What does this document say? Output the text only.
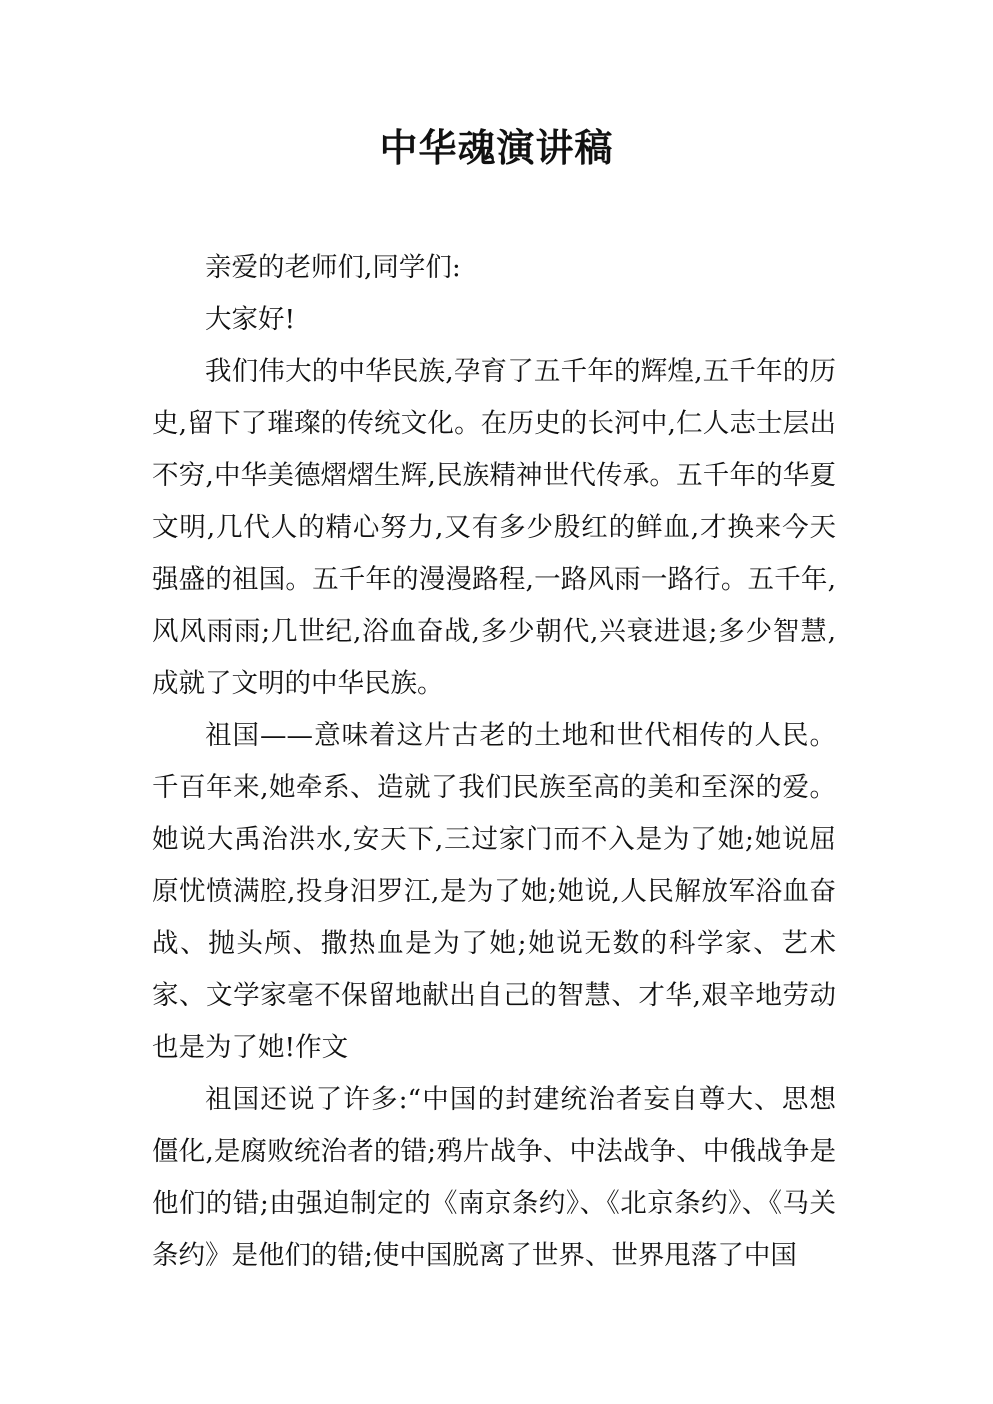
中华魂演讲稿

亲爱的老师们,同学们:

大家好!

我们伟大的中华民族,孕育了五千年的辉煌,五千年的历史,留下了璀璨的传统文化。在历史的长河中,仁人志士层出不穷,中华美德熠熠生辉,民族精神世代传承。五千年的华夏文明,几代人的精心努力,又有多少殷红的鲜血,才换来今天强盛的祖国。五千年的漫漫路程,一路风雨一路行。五千年,风风雨雨;几世纪,浴血奋战,多少朝代,兴衰进退;多少智慧,成就了文明的中华民族。

祖国——意味着这片古老的土地和世代相传的人民。千百年来,她牵系、造就了我们民族至高的美和至深的爱。她说大禹治洪水,安天下,三过家门而不入是为了她;她说屈原忧愤满腔,投身汨罗江,是为了她;她说,人民解放军浴血奋战、抛头颅、撒热血是为了她;她说无数的科学家、艺术家、文学家毫不保留地献出自己的智慧、才华,艰辛地劳动也是为了她!作文

祖国还说了许多:“中国的封建统治者妄自尊大、思想僵化,是腐败统治者的错;鸦片战争、中法战争、中俄战争是他们的错;由强迫制定的《南京条约》、《北京条约》、《马关条约》是他们的错;使中国脱离了世界、世界甩落了中国
